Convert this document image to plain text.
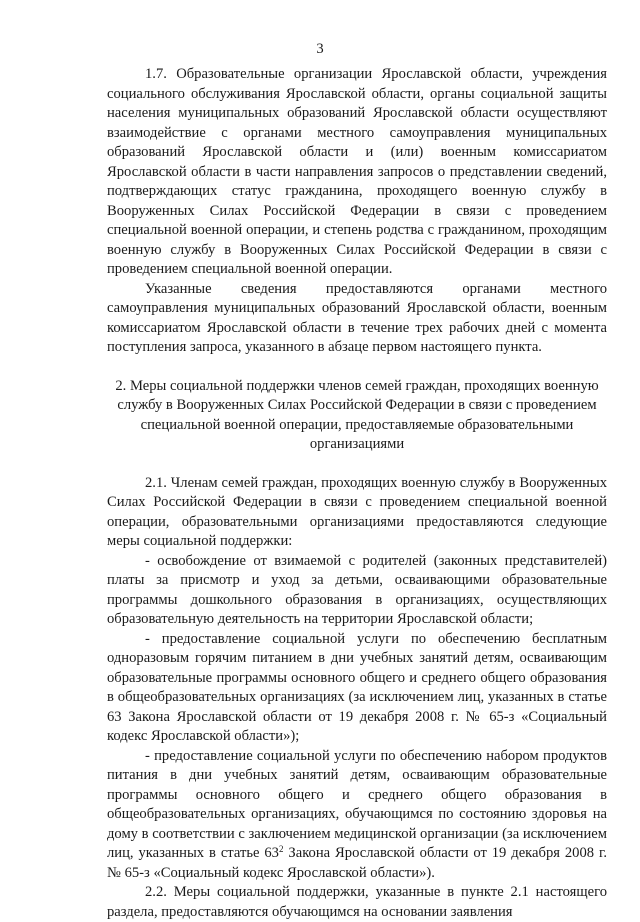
3

1.7. Образовательные организации Ярославской области, учреждения социального обслуживания Ярославской области, органы социальной защиты населения муниципальных образований Ярославской области осуществляют взаимодействие с органами местного самоуправления муниципальных образований Ярославской области и (или) военным комиссариатом Ярославской области в части направления запросов о представлении сведений, подтверждающих статус гражданина, проходящего военную службу в Вооруженных Силах Российской Федерации в связи с проведением специальной военной операции, и степень родства с гражданином, проходящим военную службу в Вооруженных Силах Российской Федерации в связи с проведением специальной военной операции.

Указанные сведения предоставляются органами местного самоуправления муниципальных образований Ярославской области, военным комиссариатом Ярославской области в течение трех рабочих дней с момента поступления запроса, указанного в абзаце первом настоящего пункта.

2. Меры социальной поддержки членов семей граждан, проходящих военную службу в Вооруженных Силах Российской Федерации в связи с проведением специальной военной операции, предоставляемые образовательными организациями

2.1. Членам семей граждан, проходящих военную службу в Вооруженных Силах Российской Федерации в связи с проведением специальной военной операции, образовательными организациями предоставляются следующие меры социальной поддержки:

- освобождение от взимаемой с родителей (законных представителей) платы за присмотр и уход за детьми, осваивающими образовательные программы дошкольного образования в организациях, осуществляющих образовательную деятельность на территории Ярославской области;

- предоставление социальной услуги по обеспечению бесплатным одноразовым горячим питанием в дни учебных занятий детям, осваивающим образовательные программы основного общего и среднего общего образования в общеобразовательных организациях (за исключением лиц, указанных в статье 63 Закона Ярославской области от 19 декабря 2008 г. № 65-з «Социальный кодекс Ярославской области»);

- предоставление социальной услуги по обеспечению набором продуктов питания в дни учебных занятий детям, осваивающим образовательные программы основного общего и среднего общего образования в общеобразовательных организациях, обучающимся по состоянию здоровья на дому в соответствии с заключением медицинской организации (за исключением лиц, указанных в статье $63^2$ Закона Ярославской области от 19 декабря 2008 г. № 65-з «Социальный кодекс Ярославской области»).

2.2. Меры социальной поддержки, указанные в пункте 2.1 настоящего раздела, предоставляются обучающимся на основании заявления
